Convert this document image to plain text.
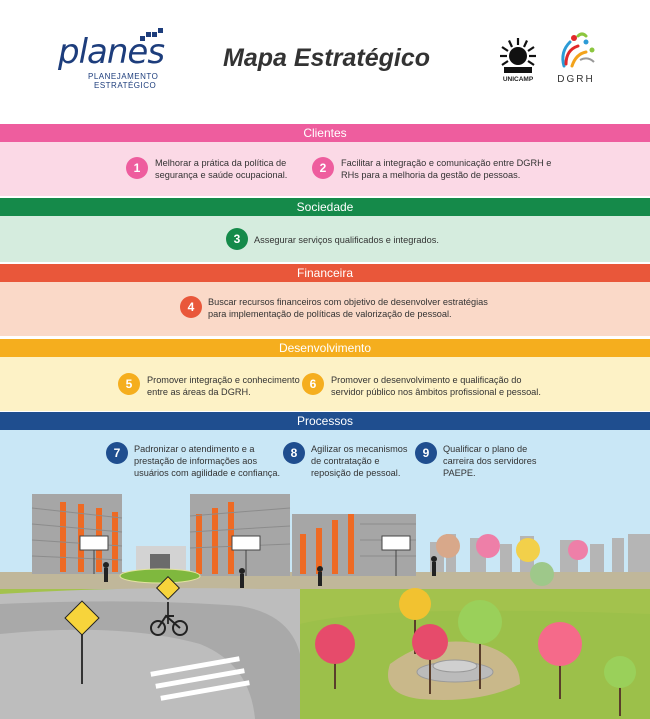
planes
PLANEJAMENTO
ESTRATÉGICO
Mapa Estratégico
UNICAMP	DGRH
Clientes
1	Melhorar a prática da política de
segurança e saúde ocupacional.	2	Facilitar a integração e comunicação entre DGRH e
RHs para a melhoria da gestão de pessoas.
Sociedade
3	Assegurar serviços qualificados e integrados.
Financeira
4	Buscar recursos financeiros com objetivo de desenvolver estratégias
para implementação de políticas de valorização de pessoal.
Desenvolvimento
5	Promover integração e conhecimento
entre as áreas da DGRH.
6	Promover o desenvolvimento e qualificação do
servidor público nos âmbitos profissional e pessoal.
Processos
7	Padronizar o atendimento e a
prestação de informações aos
usuários com agilidade e confiança.
8	Agilizar os mecanismos
de contratação e
reposição de pessoal.
9	Qualificar o plano de
carreira dos servidores
PAEPE.
